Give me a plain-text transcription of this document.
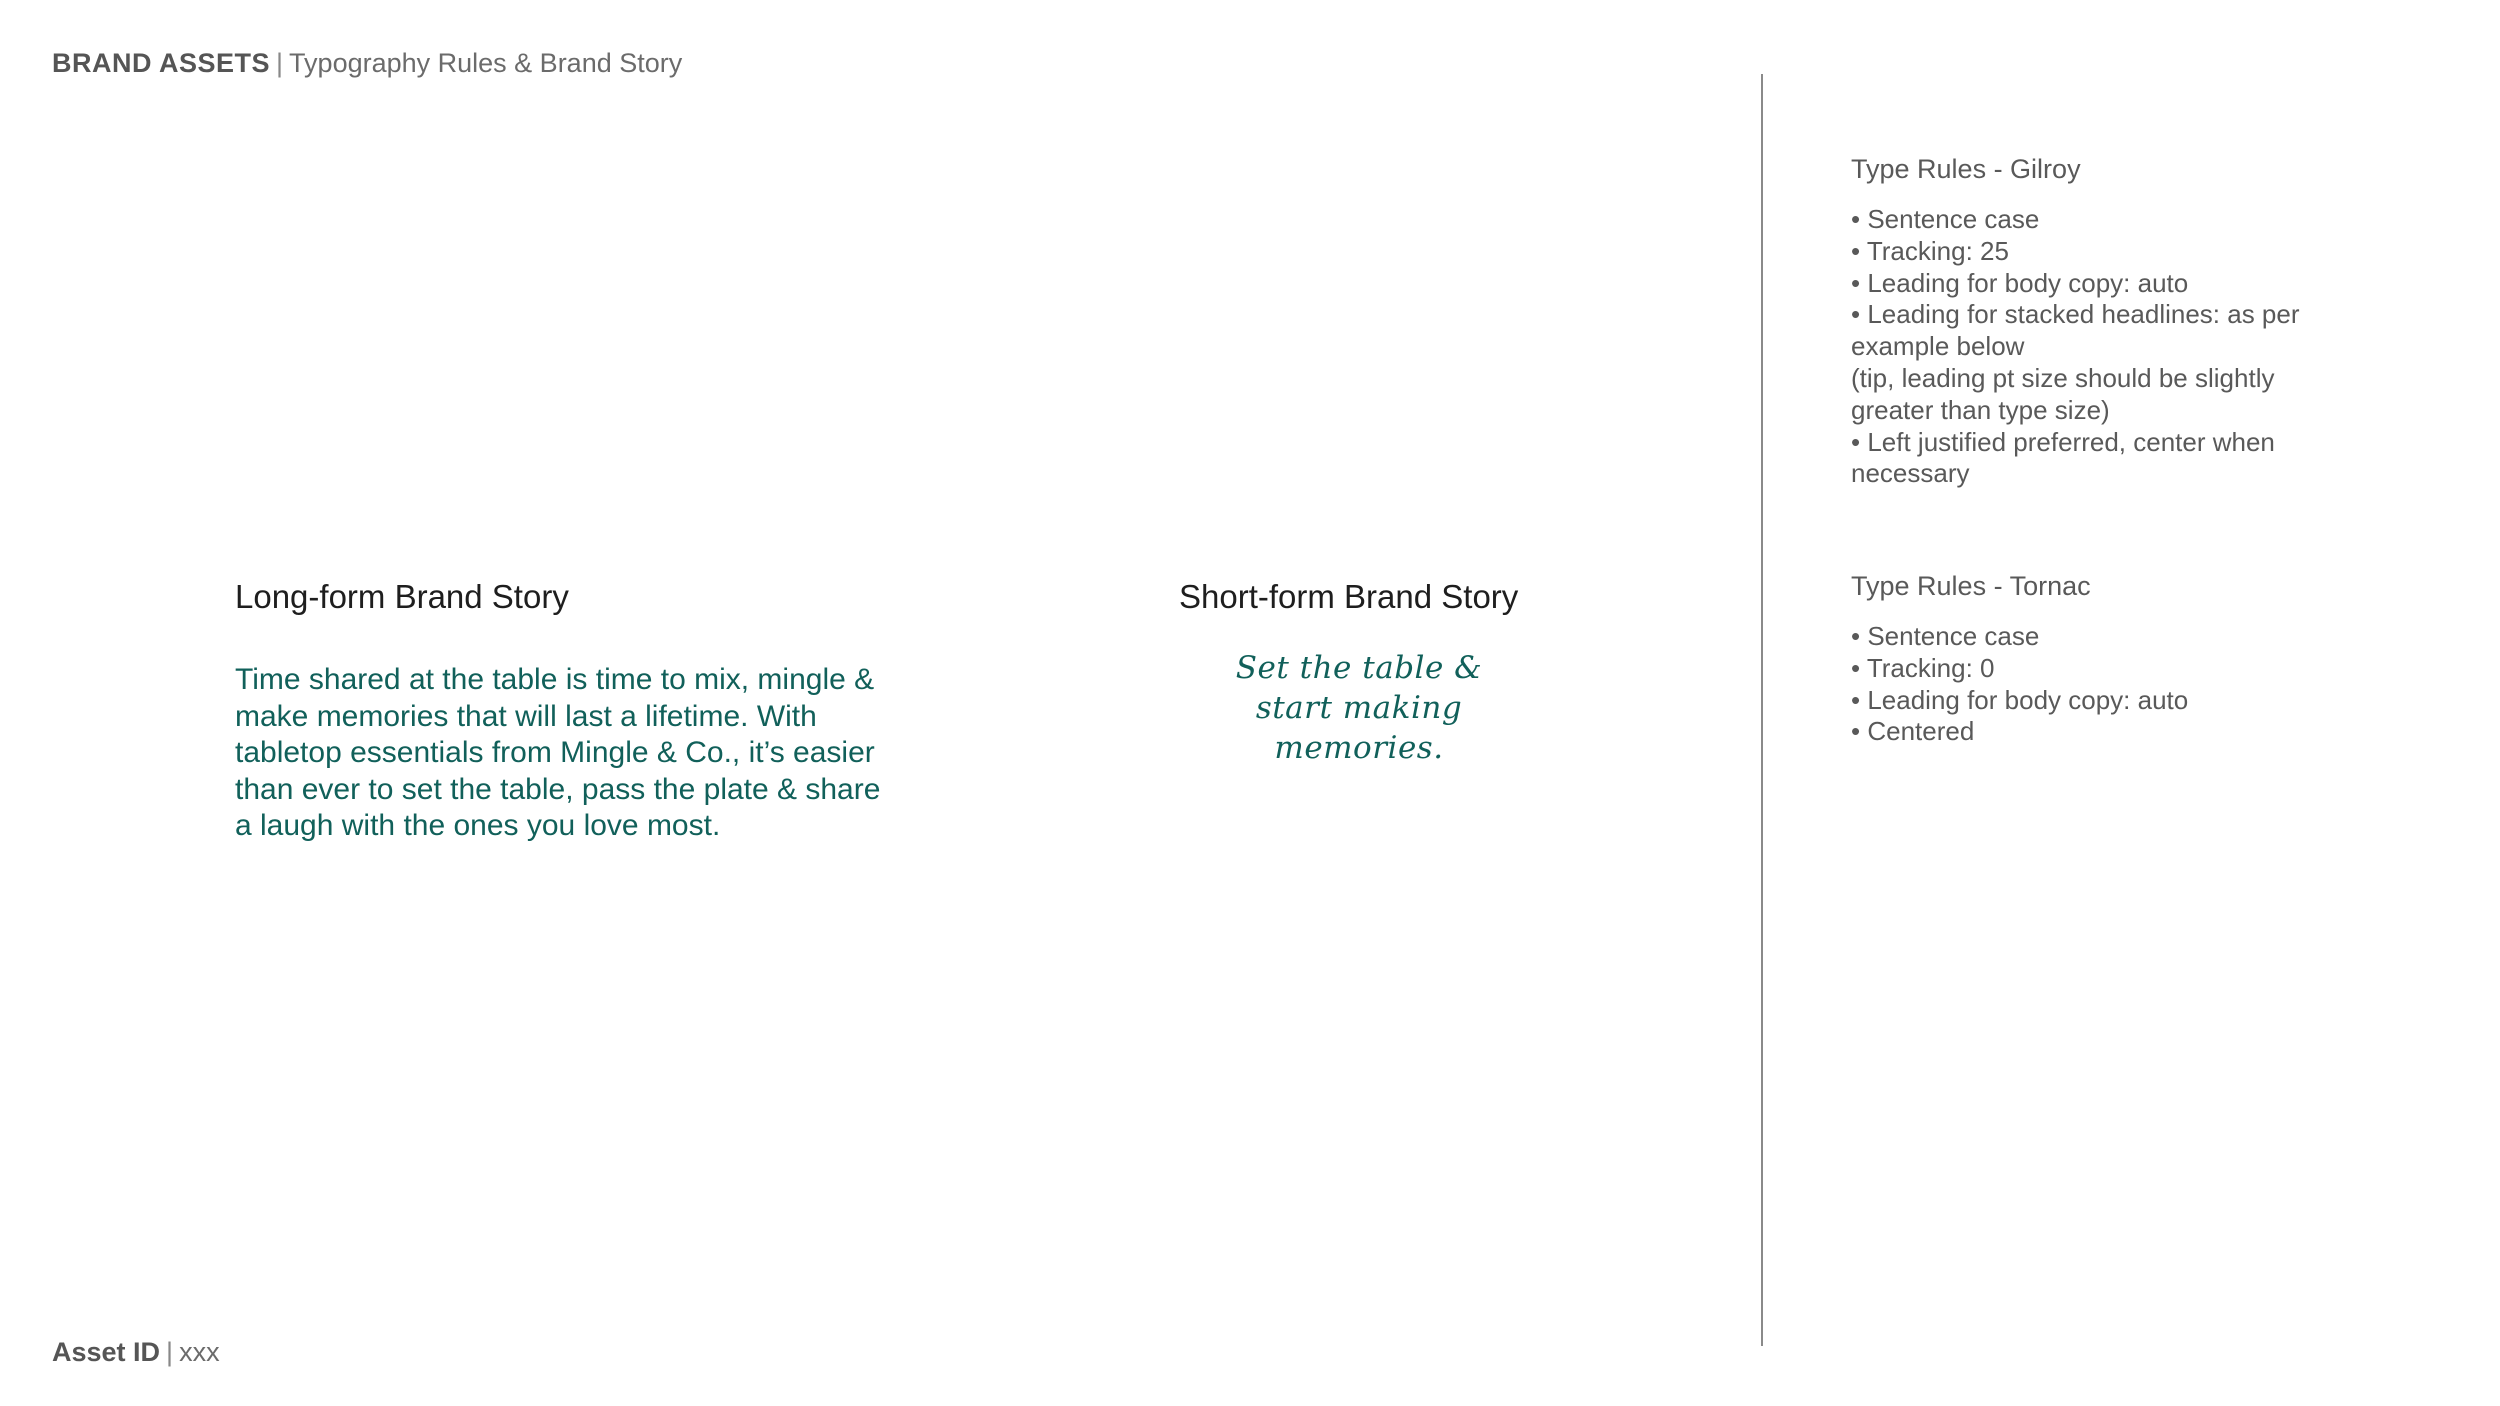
BRAND ASSETS | Typography Rules & Brand Story
Long-form Brand Story
Time shared at the table is time to mix, mingle &
make memories that will last a lifetime. With
tabletop essentials from Mingle & Co., it’s easier
than ever to set the table, pass the plate & share
a laugh with the ones you love most.
Short-form Brand Story
Set the table &
start making memories.
Type Rules - Gilroy
• Sentence case
• Tracking: 25
• Leading for body copy: auto
• Leading for stacked headlines: as per
example below
(tip, leading pt size should be slightly
greater than type size)
• Left justified preferred, center when
necessary
Type Rules - Tornac
• Sentence case
• Tracking: 0
• Leading for body copy: auto
• Centered
Asset ID | xxx
